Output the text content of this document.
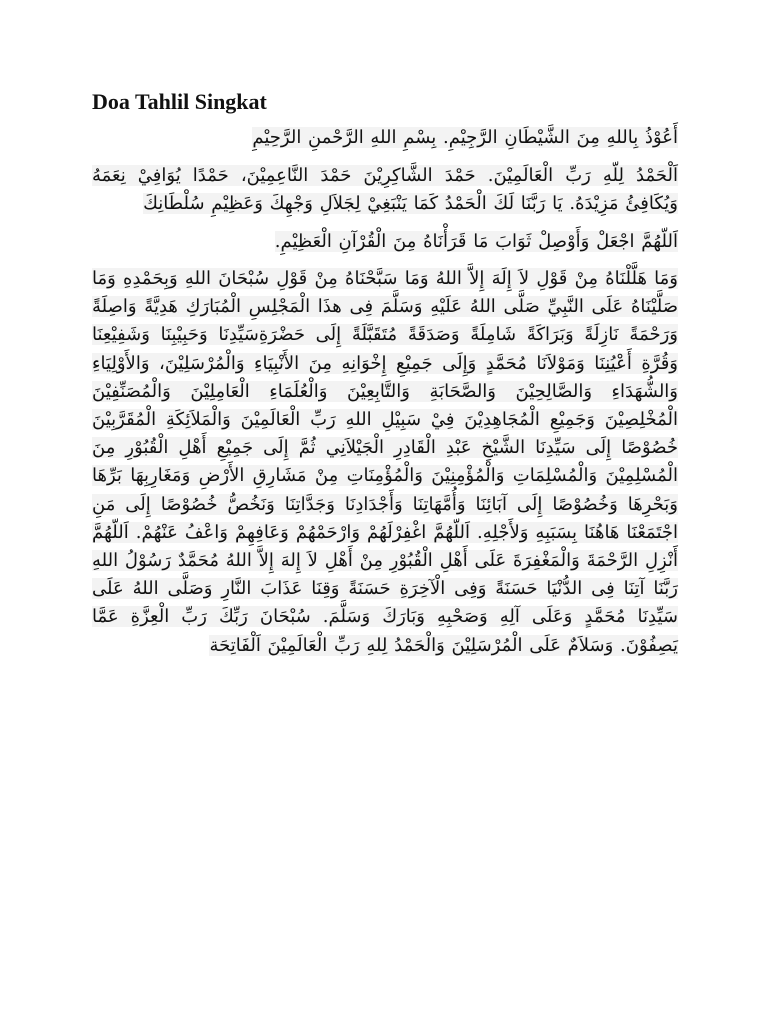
Doa Tahlil Singkat

أَعُوْذُ بِاللهِ مِنَ الشَّيْطَانِ الرَّجِيْمِ. بِسْمِ اللهِ الرَّحْمنِ الرَّحِيْمِ

اَلْحَمْدُ لِلّهِ رَبِّ الْعَالَمِيْنَ. حَمْدَ الشَّاكِرِيْنَ حَمْدَ النَّاعِمِيْنَ، حَمْدًا يُوَافِيْ نِعَمَهُ وَيُكَافِئُ مَزِيْدَهُ. يَا رَبَّنَا لَكَ الْحَمْدُ كَمَا يَنْبَغِيْ لِجَلاَلِ وَجْهِكَ وَعَظِيْمِ سُلْطَانِكَ

اَللّهُمَّ اجْعَلْ وَأَوْصِلْ ثَوَابَ مَا قَرَأْنَاهُ مِنَ الْقُرْآنِ الْعَظِيْمِ.

وَمَا هَلَّلْنَاهُ مِنْ قَوْلِ لاَ إِلَهَ إِلاَّ اللهُ وَمَا سَبَّحْنَاهُ مِنْ قَوْلِ سُبْحَانَ اللهِ وَبِحَمْدِهِ وَمَا صَلَّيْنَاهُ عَلَى النَّبِيِّ صَلَّى اللهُ عَلَيْهِ وَسَلَّمَ فِى هذَا الْمَجْلِسِ الْمُبَارَكِ هَدِيَّةً وَاصِلَةً وَرَحْمَةً نَازِلَةً وَبَرَاكَةً شَامِلَةً وَصَدَقَةً مُتَقَبَّلَةً إِلَى حَضْرَةِسَيِّدِنَا وَحَبِيْبِنَا وَشَفِيْعِنَا وَقُرَّةِ أَعْيُنِنَا وَمَوْلاَنَا مُحَمَّدٍ وَإِلَى جَمِيْعِ إِخْوَانِهِ مِنَ الأَنْبِيَاءِ وَالْمُرْسَلِيْنَ، وَالأَوْلِيَاءِ وَالشُّهَدَاءِ وَالصَّالِحِيْنَ وَالصَّحَابَةِ وَالتَّابِعِيْنَ وَالْعُلَمَاءِ الْعَامِلِيْنَ وَالْمُصَنِّفِيْنَ الْمُخْلِصِيْنَ وَجَمِيْعِ الْمُجَاهِدِيْنَ فِيْ سَبِيْلِ اللهِ رَبِّ الْعَالَمِيْنَ وَالْمَلاَئِكَةِ الْمُقَرَّبِيْنَ خُصُوْصًا إِلَى سَيِّدِنَا الشَّيْخِ عَبْدِ الْقَادِرِ الْجَيْلاَنِي ثُمَّ إِلَى جَمِيْعِ أَهْلِ الْقُبُوْرِ مِنَ الْمُسْلِمِيْنَ وَالْمُسْلِمَاتِ وَالْمُؤْمِنِيْنَ وَالْمُؤْمِنَاتِ مِنْ مَشَارِقِ الأَرْضِ وَمَغَارِبِهَا بَرِّهَا وَبَحْرِهَا وَخُصُوْصًا إِلَى آبَائِنَا وَأُمَّهَاتِنَا وَأَجْدَادِنَا وَجَدَّاتِنَا وَنَخُصُّ خُصُوْصًا إِلَى مَنِ اجْتَمَعْنَا هَاهُنَا بِسَبَبِهِ وَلأَجْلِهِ. اَللّهُمَّ اغْفِرْلَهُمْ وَارْحَمْهُمْ وَعَافِهِمْ وَاعْفُ عَنْهُمْ. اَللّهُمَّ أَنْزِلِ الرَّحْمَةَ وَالْمَغْفِرَةَ عَلَى أَهْلِ الْقُبُوْرِ مِنْ أَهْلِ لاَ إِلهَ إِلاَّ اللهُ مُحَمَّدٌ رَسُوْلُ اللهِ رَبَّنَا آتِنَا فِى الدُّنْيَا حَسَنَةً وَفِى الْآخِرَةِ حَسَنَةً وَقِنَا عَذَابَ النَّارِ وَصَلَّى اللهُ عَلَى سَيِّدِنَا مُحَمَّدٍ وَعَلَى آلِهِ وَصَحْبِهِ وَبَارَكَ وَسَلَّمَ. سُبْحَانَ رَبِّكَ رَبِّ الْعِزَّةِ عَمَّا يَصِفُوْنَ. وَسَلاَمٌ عَلَى الْمُرْسَلِيْنَ وَالْحَمْدُ لِلهِ رَبِّ الْعَالَمِيْنَ اَلْفَاتِحَة
